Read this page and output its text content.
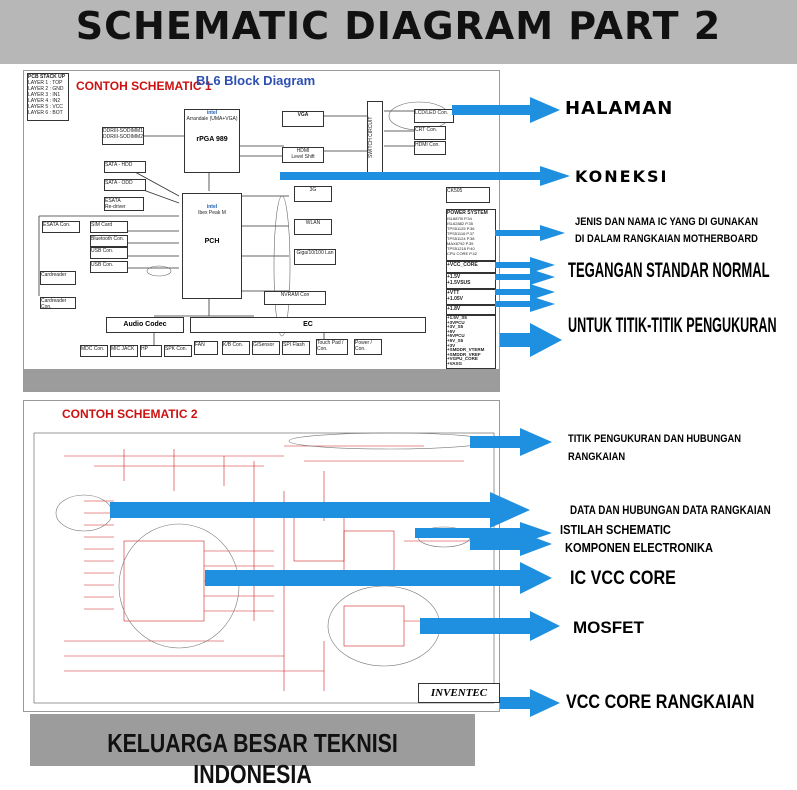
SCHEMATIC DIAGRAM PART 2
CONTOH SCHEMATIC 1
BL6 Block Diagram
PCB STACK UP
LAYER 1 : TOP
LAYER 2 : GND
LAYER 3 : IN1
LAYER 4 : IN2
LAYER 5 : VCC
LAYER 6 : BOT
DDRIII-SODIMM1
DDRIII-SODIMM2
intel
Arrandale (UMA+VGA)
rPGA 989
intel
Ibex Peak M
PCH
VGA
HDMI
Level Shift	SWITCH CIRCUIT
LCD/LED Con.
CRT Con.
HDMI Con.
SATA - HDD
SATA - ODD
ESATA
Re-driver
ESATA Con.	SIM Card
Bluetooth Con.
USB Con.
USB Con.
Cardreader
Cardreader Con.
3G
WLAN
Giga/10/100 Lan
NVRAM Con
Audio Codec	EC
MDC Con.	MIC JACK	HP	SPK Con.
FAN	K/B Con.	G/Sensor	SPI Flash	Touch Pad /
Con.
Power /
Con.
CK505
POWER SYSTEM
ISL6879I P.34
ISL62882 P.35
TPS51125 P.36
TPS51116 P.37
TPS51124 P.38
MAX8792 P.39
TPS51218 P.40
CPU CORE P.42
+VCC_CORE
+1.5V
+1.5VSUS
+VTT
+1.05V
+1.8V
+1.5V_S5
+3VPCU
+3V_S5
+5V
+5VPCU
+5V_S5
+3V
+SMDDR_VTERM
+SMDDR_VREF
+VGPU_CORE
+VAXG
CONTOH SCHEMATIC 2
INVENTEC
HALAMAN
KONEKSI
JENIS DAN NAMA IC YANG DI GUNAKAN
DI DALAM RANGKAIAN MOTHERBOARD
TEGANGAN STANDAR NORMAL
UNTUK TITIK-TITIK PENGUKURAN
TITIK PENGUKURAN DAN HUBUNGAN
RANGKAIAN
DATA DAN HUBUNGAN DATA RANGKAIAN
ISTILAH SCHEMATIC
KOMPONEN ELECTRONIKA
IC VCC CORE
MOSFET
VCC CORE RANGKAIAN
KELUARGA BESAR TEKNISI INDONESIA
